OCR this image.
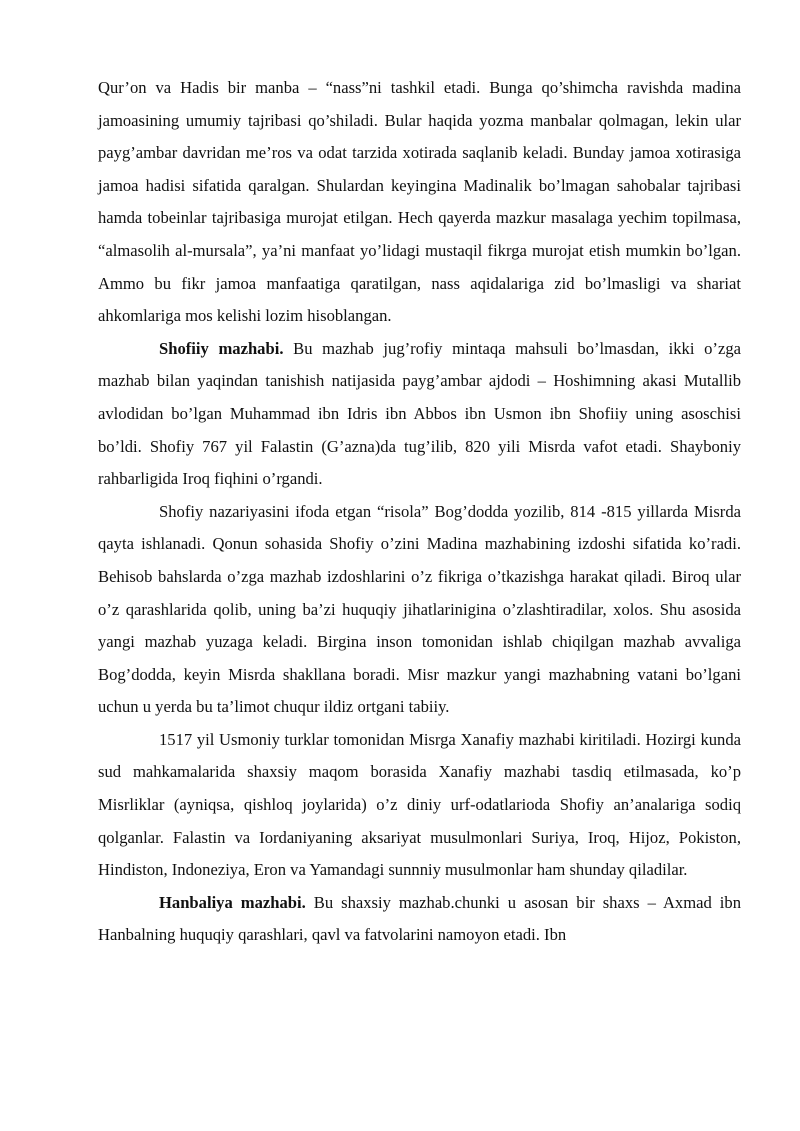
Qur’on va Hadis bir manba – “nass”ni tashkil etadi. Bunga qo’shimcha ravishda madina jamoasining umumiy tajribasi qo’shiladi. Bular haqida yozma manbalar qolmagan, lekin ular payg’ambar davridan me’ros va odat tarzida xotirada saqlanib keladi. Bunday jamoa xotirasiga jamoa hadisi sifatida qaralgan. Shulardan keyingina Madinalik bo’lmagan sahobalar tajribasi hamda tobeinlar tajribasiga murojat etilgan. Hech qayerda mazkur masalaga yechim topilmasa, “almasolih al-mursala”, ya’ni manfaat yo’lidagi mustaqil fikrga murojat etish mumkin bo’lgan. Ammo bu fikr jamoa manfaatiga qaratilgan, nass aqidalariga zid bo’lmasligi va shariat ahkomlariga mos kelishi lozim hisoblangan.

Shofiiy mazhabi. Bu mazhab jug’rofiy mintaqa mahsuli bo’lmasdan, ikki o’zga mazhab bilan yaqindan tanishish natijasida payg’ambar ajdodi – Hoshimning akasi Mutallib avlodidan bo’lgan Muhammad ibn Idris ibn Abbos ibn Usmon ibn Shofiiy uning asoschisi bo’ldi. Shofiy 767 yil Falastin (G’azna)da tug’ilib, 820 yili Misrda vafot etadi. Shayboniy rahbarligida Iroq fiqhini o’rgandi.

Shofiy nazariyasini ifoda etgan “risola” Bog’dodda yozilib, 814 -815 yillarda Misrda qayta ishlanadi. Qonun sohasida Shofiy o’zini Madina mazhabining izdoshi sifatida ko’radi. Behisob bahslarda o’zga mazhab izdoshlarini o’z fikriga o’tkazishga harakat qiladi. Biroq ular o’z qarashlarida qolib, uning ba’zi huquqiy jihatlarinigina o’zlashtiradilar, xolos. Shu asosida yangi mazhab yuzaga keladi. Birgina inson tomonidan ishlab chiqilgan mazhab avvaliga Bog’dodda, keyin Misrda shakllana boradi. Misr mazkur yangi mazhabning vatani bo’lgani uchun u yerda bu ta’limot chuqur ildiz ortgani tabiiy.

1517 yil Usmoniy turklar tomonidan Misrga Xanafiy mazhabi kiritiladi. Hozirgi kunda sud mahkamalarida shaxsiy maqom borasida Xanafiy mazhabi tasdiq etilmasada, ko’p Misrliklar (ayniqsa, qishloq joylarida) o’z diniy urf-odatlarioda Shofiy an’analariga sodiq qolganlar. Falastin va Iordaniyaning aksariyat musulmonlari Suriya, Iroq, Hijoz, Pokiston, Hindiston, Indoneziya, Eron va Yamandagi sunnniy musulmonlar ham shunday qiladilar.

Hanbaliya mazhabi. Bu shaxsiy mazhab.chunki u asosan bir shaxs – Axmad ibn Hanbalning huquqiy qarashlari, qavl va fatvolarini namoyon etadi. Ibn
